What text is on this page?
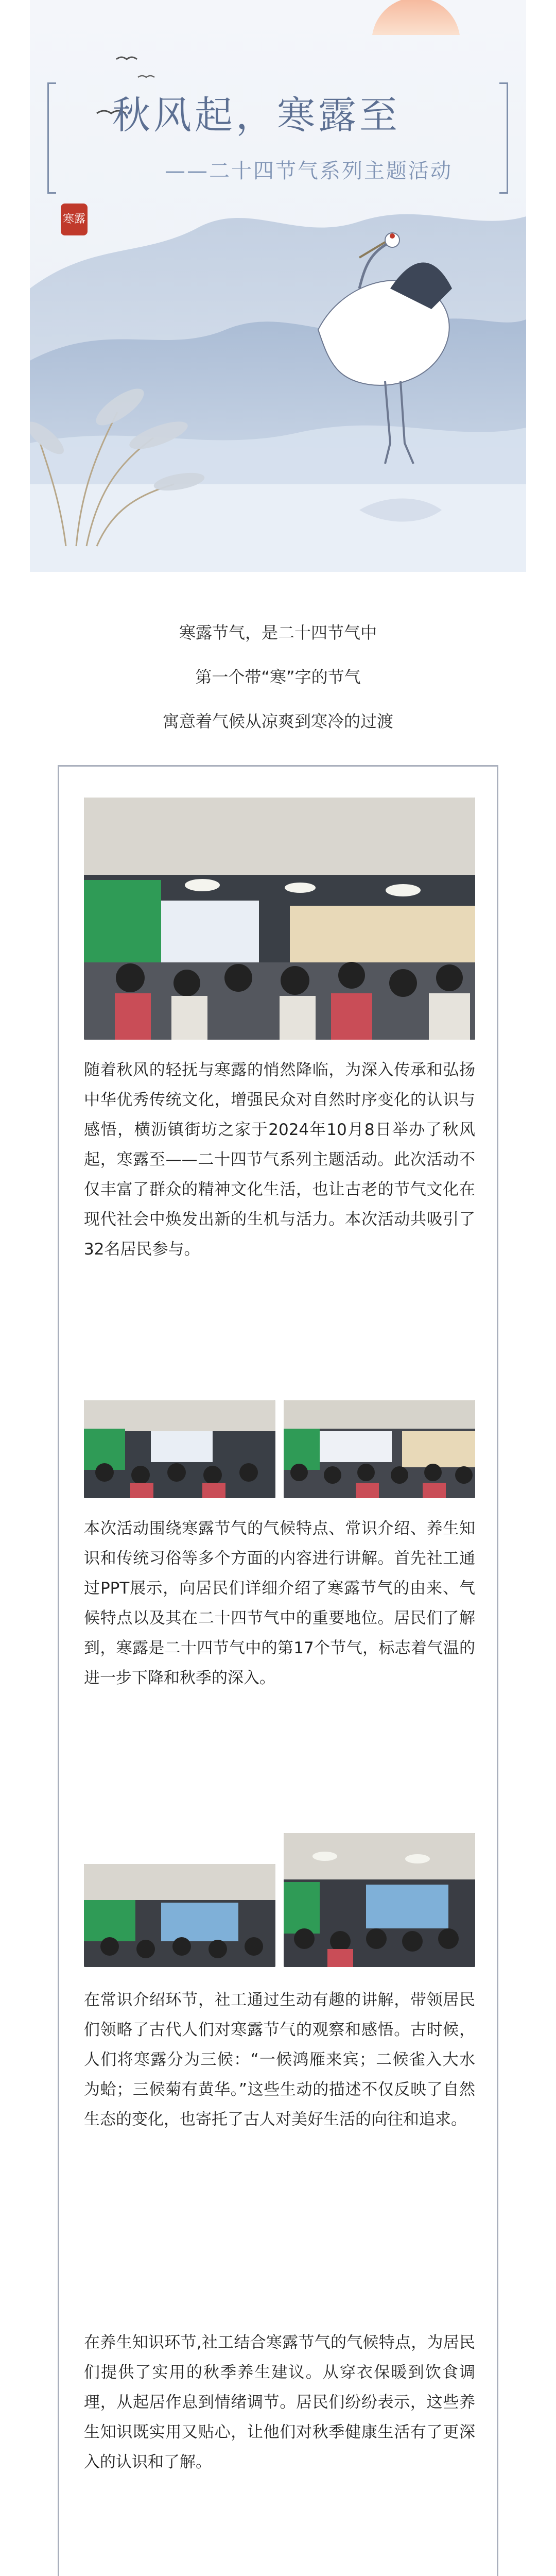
秋风起，寒露至
——二十四节气系列主题活动
寒露
寒露节气，是二十四节气中
第一个带“寒”字的节气
寓意着气候从凉爽到寒冷的过渡
随着秋风的轻抚与寒露的悄然降临，为深入传承和弘扬中华优秀传统文化，增强民众对自然时序变化的认识与感悟，横沥镇街坊之家于2024年10月8日举办了秋风起，寒露至——二十四节气系列主题活动。此次活动不仅丰富了群众的精神文化生活，也让古老的节气文化在现代社会中焕发出新的生机与活力。本次活动共吸引了32名居民参与。
本次活动围绕寒露节气的气候特点、常识介绍、养生知识和传统习俗等多个方面的内容进行讲解。首先社工通过PPT展示，向居民们详细介绍了寒露节气的由来、气候特点以及其在二十四节气中的重要地位。居民们了解到，寒露是二十四节气中的第17个节气，标志着气温的进一步下降和秋季的深入。
在常识介绍环节，社工通过生动有趣的讲解，带领居民们领略了古代人们对寒露节气的观察和感悟。古时候，人们将寒露分为三候：“一候鸿雁来宾；二候雀入大水为蛤；三候菊有黄华。”这些生动的描述不仅反映了自然生态的变化，也寄托了古人对美好生活的向往和追求。
在养生知识环节,社工结合寒露节气的气候特点，为居民们提供了实用的秋季养生建议。从穿衣保暖到饮食调理，从起居作息到情绪调节。居民们纷纷表示，这些养生知识既实用又贴心，让他们对秋季健康生活有了更深入的认识和了解。
